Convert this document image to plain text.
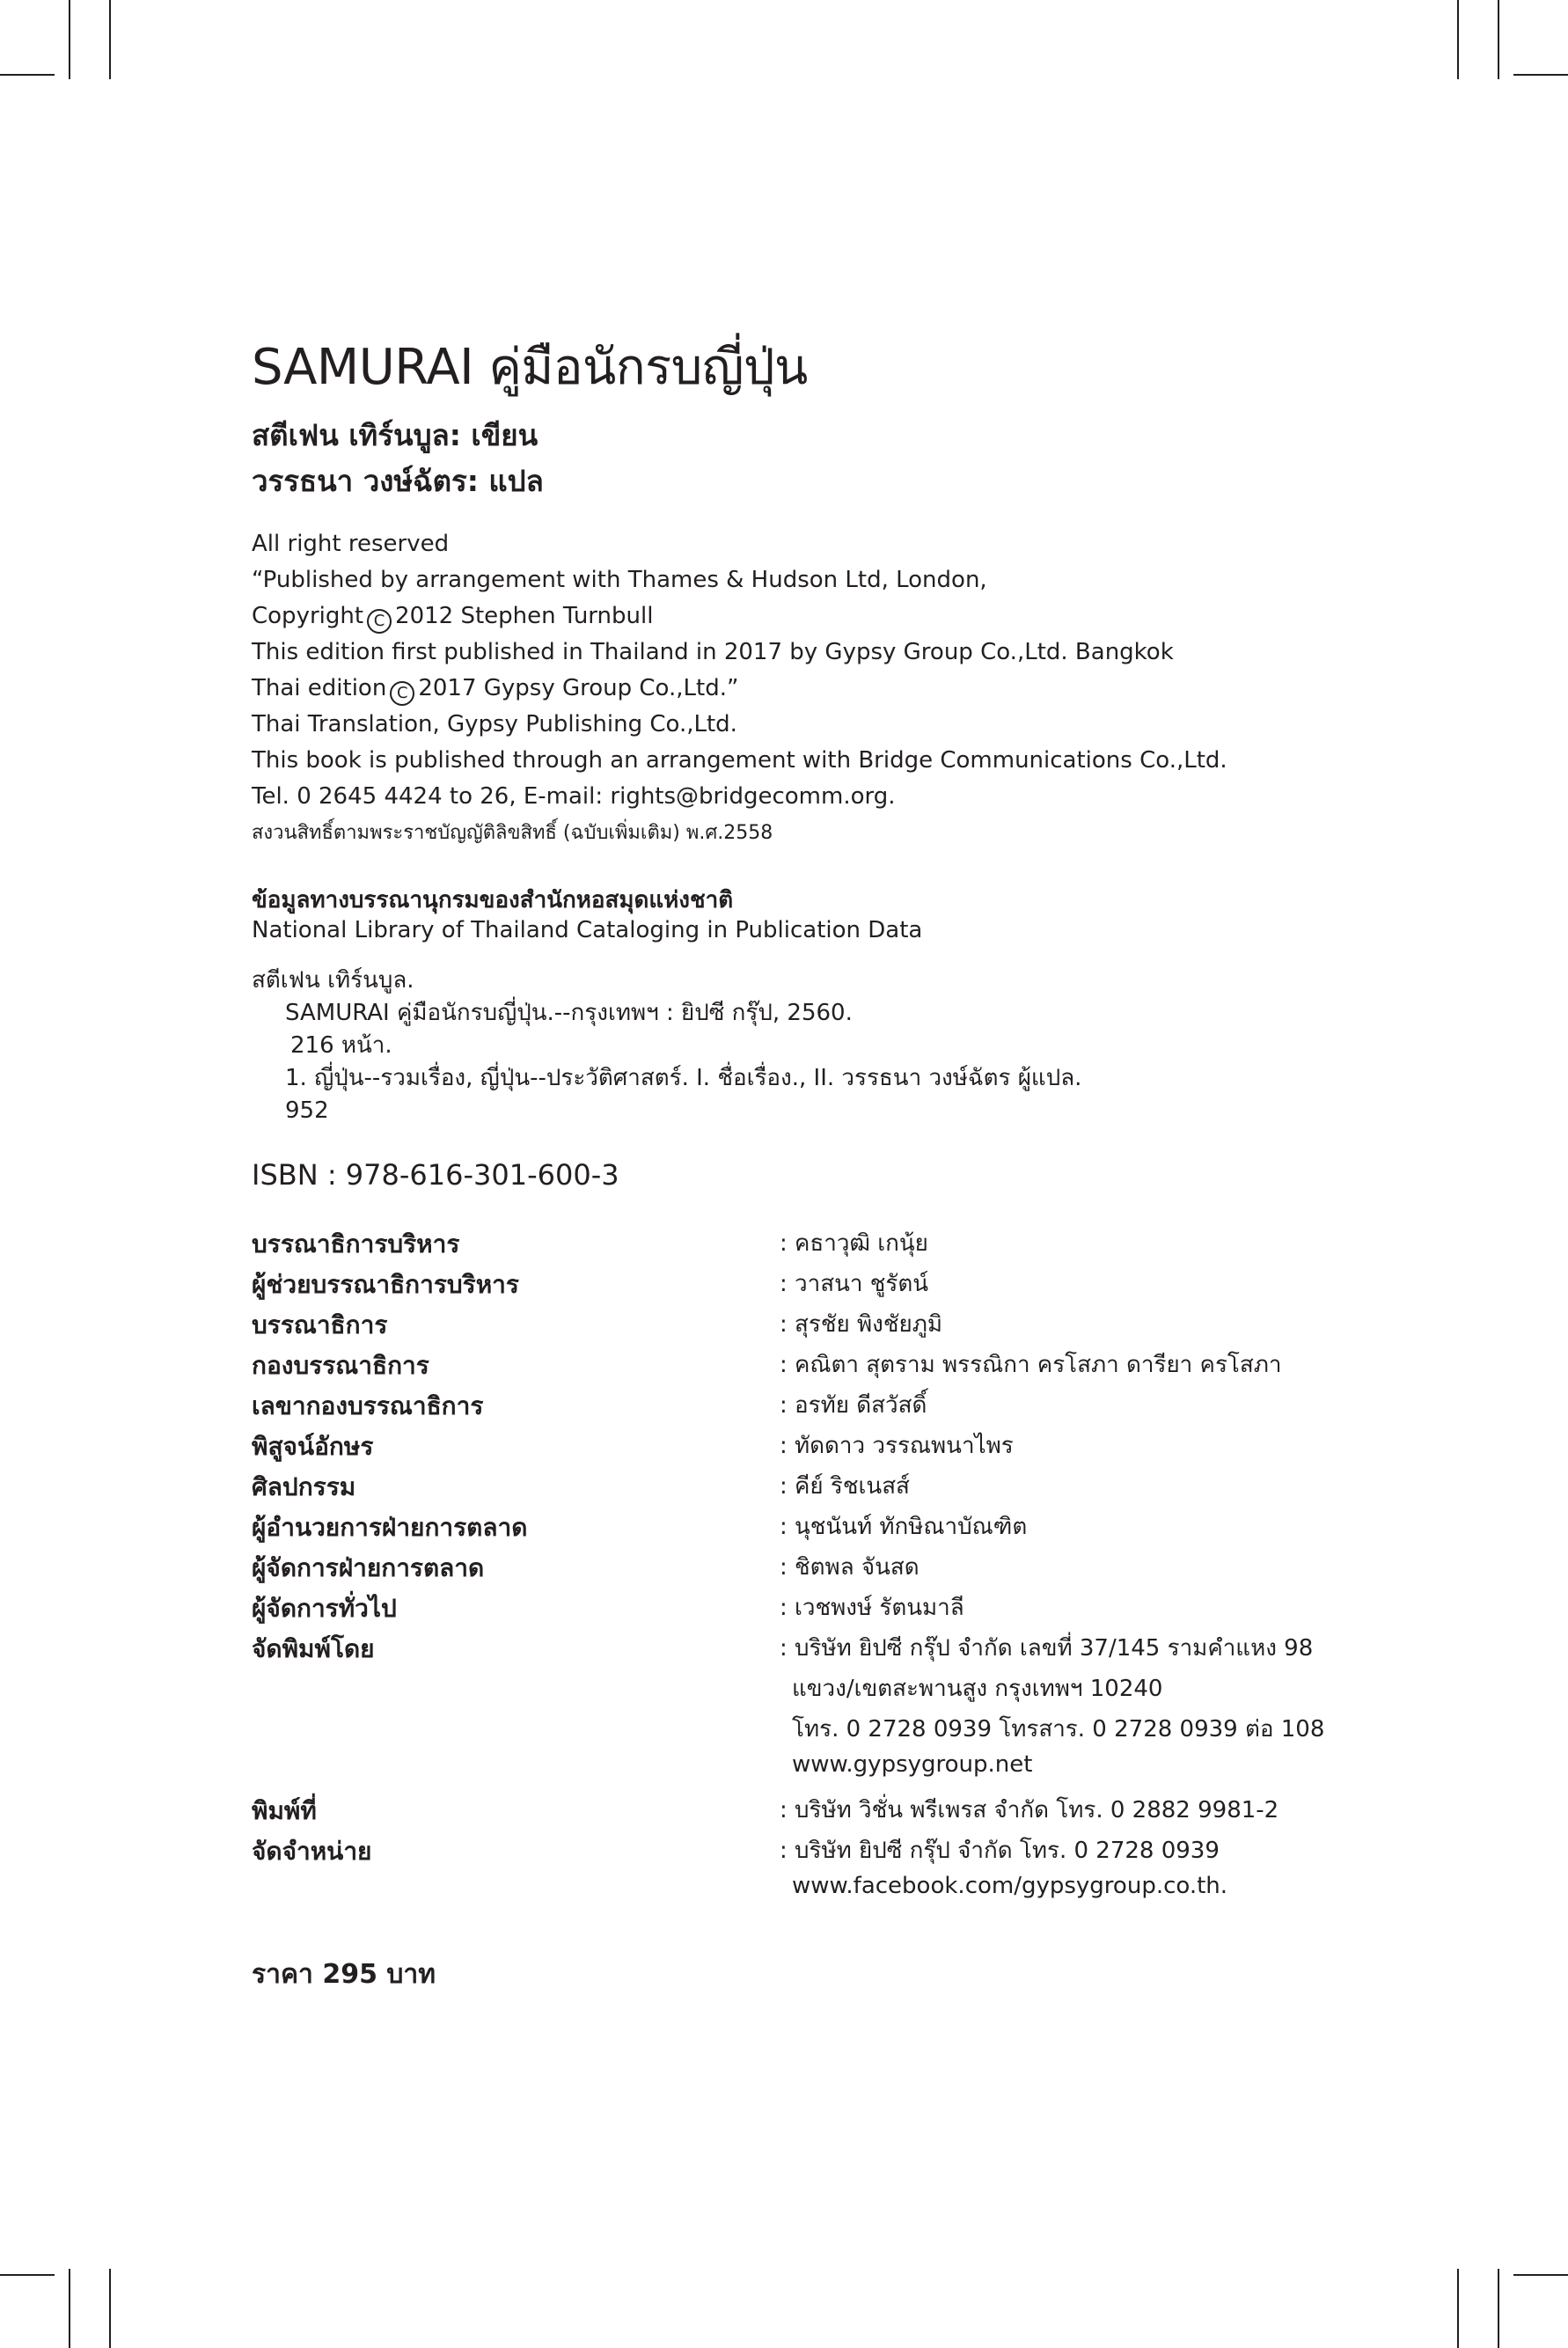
SAMURAI คู่มือนักรบญี่ปุ่น
สตีเฟน เทิร์นบูล: เขียน
วรรธนา วงษ์ฉัตร: แปล
All right reserved
“Published by arrangement with Thames & Hudson Ltd, London,
Copyright C 2012 Stephen Turnbull
This edition first published in Thailand in 2017 by Gypsy Group Co.,Ltd. Bangkok
Thai edition C 2017 Gypsy Group Co.,Ltd.”
Thai Translation, Gypsy Publishing Co.,Ltd.
This book is published through an arrangement with Bridge Communications Co.,Ltd.
Tel. 0 2645 4424 to 26, E-mail: rights@bridgecomm.org.
สงวนสิทธิ์ตามพระราชบัญญัติลิขสิทธิ์ (ฉบับเพิ่มเติม) พ.ศ.2558
ข้อมูลทางบรรณานุกรมของสำนักหอสมุดแห่งชาติ
National Library of Thailand Cataloging in Publication Data
สตีเฟน เทิร์นบูล.
SAMURAI คู่มือนักรบญี่ปุ่น.--กรุงเทพฯ : ยิปซี กรุ๊ป, 2560.
216 หน้า.
1. ญี่ปุ่น--รวมเรื่อง, ญี่ปุ่น--ประวัติศาสตร์. I. ชื่อเรื่อง., II. วรรธนา วงษ์ฉัตร ผู้แปล.
952
ISBN : 978-616-301-600-3
บรรณาธิการบริหาร	: คธาวุฒิ เกนุ้ย
ผู้ช่วยบรรณาธิการบริหาร	: วาสนา ชูรัตน์
บรรณาธิการ	: สุรชัย พิงชัยภูมิ
กองบรรณาธิการ	: คณิตา สุตราม พรรณิกา ครโสภา ดารียา ครโสภา
เลขากองบรรณาธิการ	: อรทัย ดีสวัสดิ์
พิสูจน์อักษร	: ทัดดาว วรรณพนาไพร
ศิลปกรรม	: คีย์ ริชเนสส์
ผู้อำนวยการฝ่ายการตลาด	: นุชนันท์ ทักษิณาบัณฑิต
ผู้จัดการฝ่ายการตลาด	: ชิตพล จันสด
ผู้จัดการทั่วไป	: เวชพงษ์ รัตนมาลี
จัดพิมพ์โดย	: บริษัท ยิปซี กรุ๊ป จำกัด เลขที่ 37/145 รามคำแหง 98
แขวง/เขตสะพานสูง กรุงเทพฯ 10240
โทร. 0 2728 0939 โทรสาร. 0 2728 0939 ต่อ 108
www.gypsygroup.net
พิมพ์ที่	: บริษัท วิชั่น พรีเพรส จำกัด โทร. 0 2882 9981-2
จัดจำหน่าย	: บริษัท ยิปซี กรุ๊ป จำกัด โทร. 0 2728 0939
www.facebook.com/gypsygroup.co.th.
ราคา 295 บาท
